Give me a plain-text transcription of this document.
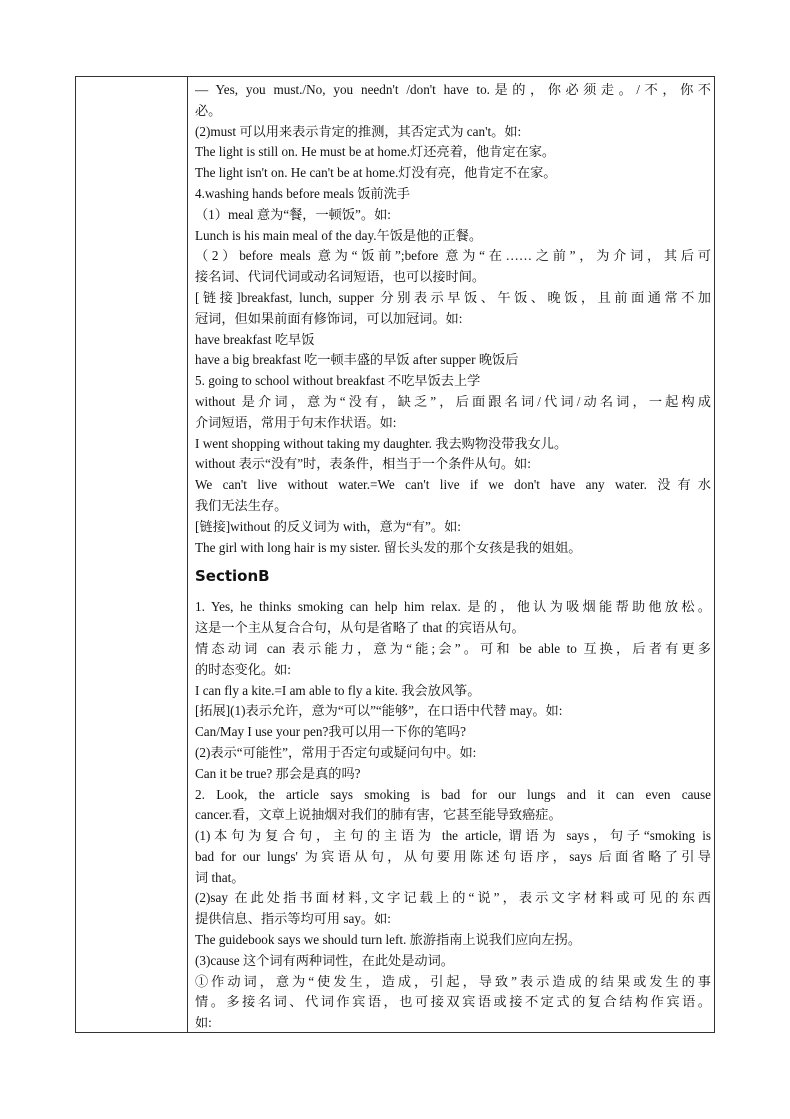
— Yes, you must./No, you needn't /don't have to.是的，你必须走。/不，你不
必。
(2)must 可以用来表示肯定的推测，其否定式为 can't。如:
The light is still on. He must be at home.灯还亮着，他肯定在家。
The light isn't on. He can't be at home.灯没有亮，他肯定不在家。
4.washing hands before meals 饭前洗手
（1）meal 意为“餐，一顿饭”。如:
Lunch is his main meal of the day.午饭是他的正餐。
（2）before meals 意为“饭前”;before 意为“在……之前”，为介词，其后可
接名词、代词代词或动名词短语，也可以接时间。
[链接]breakfast, lunch, supper 分别表示早饭、午饭、晚饭，且前面通常不加
冠词，但如果前面有修饰词，可以加冠词。如:
have breakfast 吃早饭
have a big breakfast 吃一顿丰盛的早饭 after supper 晚饭后
5. going to school without breakfast 不吃早饭去上学
without 是介词，意为“没有，缺乏”，后面跟名词/代词/动名词，一起构成
介词短语，常用于句末作状语。如:
I went shopping without taking my daughter. 我去购物没带我女儿。
without 表示“没有”时，表条件，相当于一个条件从句。如:
We can't live without water.=We can't live if we don't have any water. 没有水
我们无法生存。
[链接]without 的反义词为 with，意为“有”。如:
The girl with long hair is my sister. 留长头发的那个女孩是我的姐姐。
SectionB
1. Yes, he thinks smoking can help him relax. 是的，他认为吸烟能帮助他放松。
这是一个主从复合合句，从句是省略了 that 的宾语从句。
情态动词 can 表示能力，意为“能;会”。可和 be able to 互换，后者有更多
的时态变化。如:
I can fly a kite.=I am able to fly a kite. 我会放风筝。
[拓展](1)表示允许，意为“可以”“能够”，在口语中代替 may。如:
Can/May I use your pen?我可以用一下你的笔吗?
(2)表示“可能性”，常用于否定句或疑问句中。如:
Can it be true? 那会是真的吗?
2. Look, the article says smoking is bad for our lungs and it can even cause
cancer.看，文章上说抽烟对我们的肺有害，它甚至能导致癌症。
(1)本句为复合句，主句的主语为 the article, 谓语为 says，句子“smoking is
bad for our lungs' 为宾语从句，从句要用陈述句语序，says 后面省略了引导
词 that。
(2)say 在此处指书面材料,文字记载上的“说”，表示文字材料或可见的东西
提供信息、指示等均可用 say。如:
The guidebook says we should turn left. 旅游指南上说我们应向左拐。
(3)cause 这个词有两种词性，在此处是动词。
①作动词，意为“使发生，造成，引起，导致”表示造成的结果或发生的事
情。多接名词、代词作宾语，也可接双宾语或接不定式的复合结构作宾语。
如:
